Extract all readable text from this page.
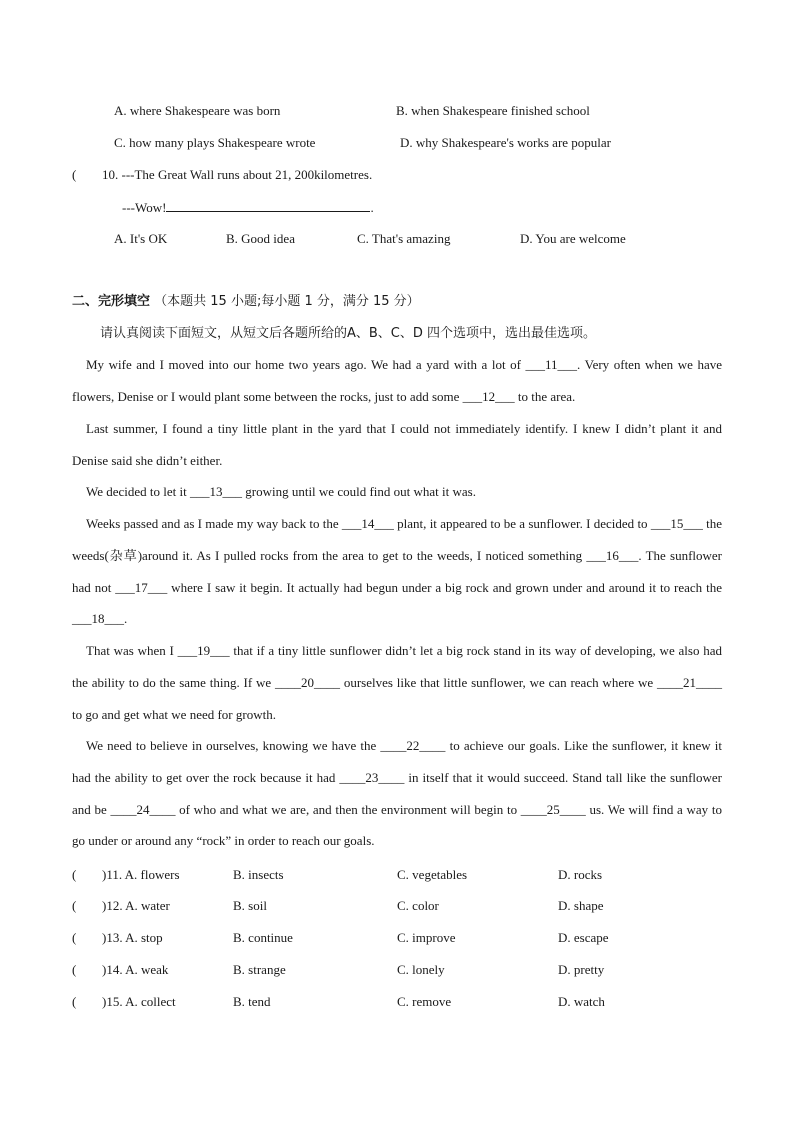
A. where Shakespeare was born	B. when Shakespeare finished school
C. how many plays Shakespeare wrote	D. why Shakespeare's works are popular
( 10. ---The Great Wall runs about 21, 200kilometres.
---Wow!	.
A. It's OK	B. Good idea	C. That's amazing	D. You are welcome
二、完形填空 （本题共 15 小题;每小题 1 分，满分 15 分）
请认真阅读下面短文，从短文后各题所给的A、B、C、D 四个选项中，选出最佳选项。
My wife and I moved into our home two years ago. We had a yard with a lot of ___11___. Very often when we have flowers, Denise or I would plant some between the rocks, just to add some ___12___ to the area.
Last summer, I found a tiny little plant in the yard that I could not immediately identify. I knew I didn’t plant it and Denise said she didn’t either.
We decided to let it ___13___ growing until we could find out what it was.
Weeks passed and as I made my way back to the ___14___ plant, it appeared to be a sunflower. I decided to ___15___ the weeds(杂草)around it. As I pulled rocks from the area to get to the weeds, I noticed something ___16___. The sunflower had not ___17___ where I saw it begin. It actually had begun under a big rock and grown under and around it to reach the ___18___.
That was when I ___19___ that if a tiny little sunflower didn’t let a big rock stand in its way of developing, we also had the ability to do the same thing. If we ____20____ ourselves like that little sunflower, we can reach where we ____21____ to go and get what we need for growth.
We need to believe in ourselves, knowing we have the ____22____ to achieve our goals. Like the sunflower, it knew it had the ability to get over the rock because it had ____23____ in itself that it would succeed. Stand tall like the sunflower and be ____24____ of who and what we are, and then the environment will begin to ____25____ us. We will find a way to go under or around any “rock” in order to reach our goals.
( )11. A. flowers	B. insects	C. vegetables	D. rocks
( )12. A. water	B. soil	C. color	D. shape
( )13. A. stop	B. continue	C. improve	D. escape
( )14. A. weak	B. strange	C. lonely	D. pretty
( )15. A. collect	B. tend	C. remove	D. watch
